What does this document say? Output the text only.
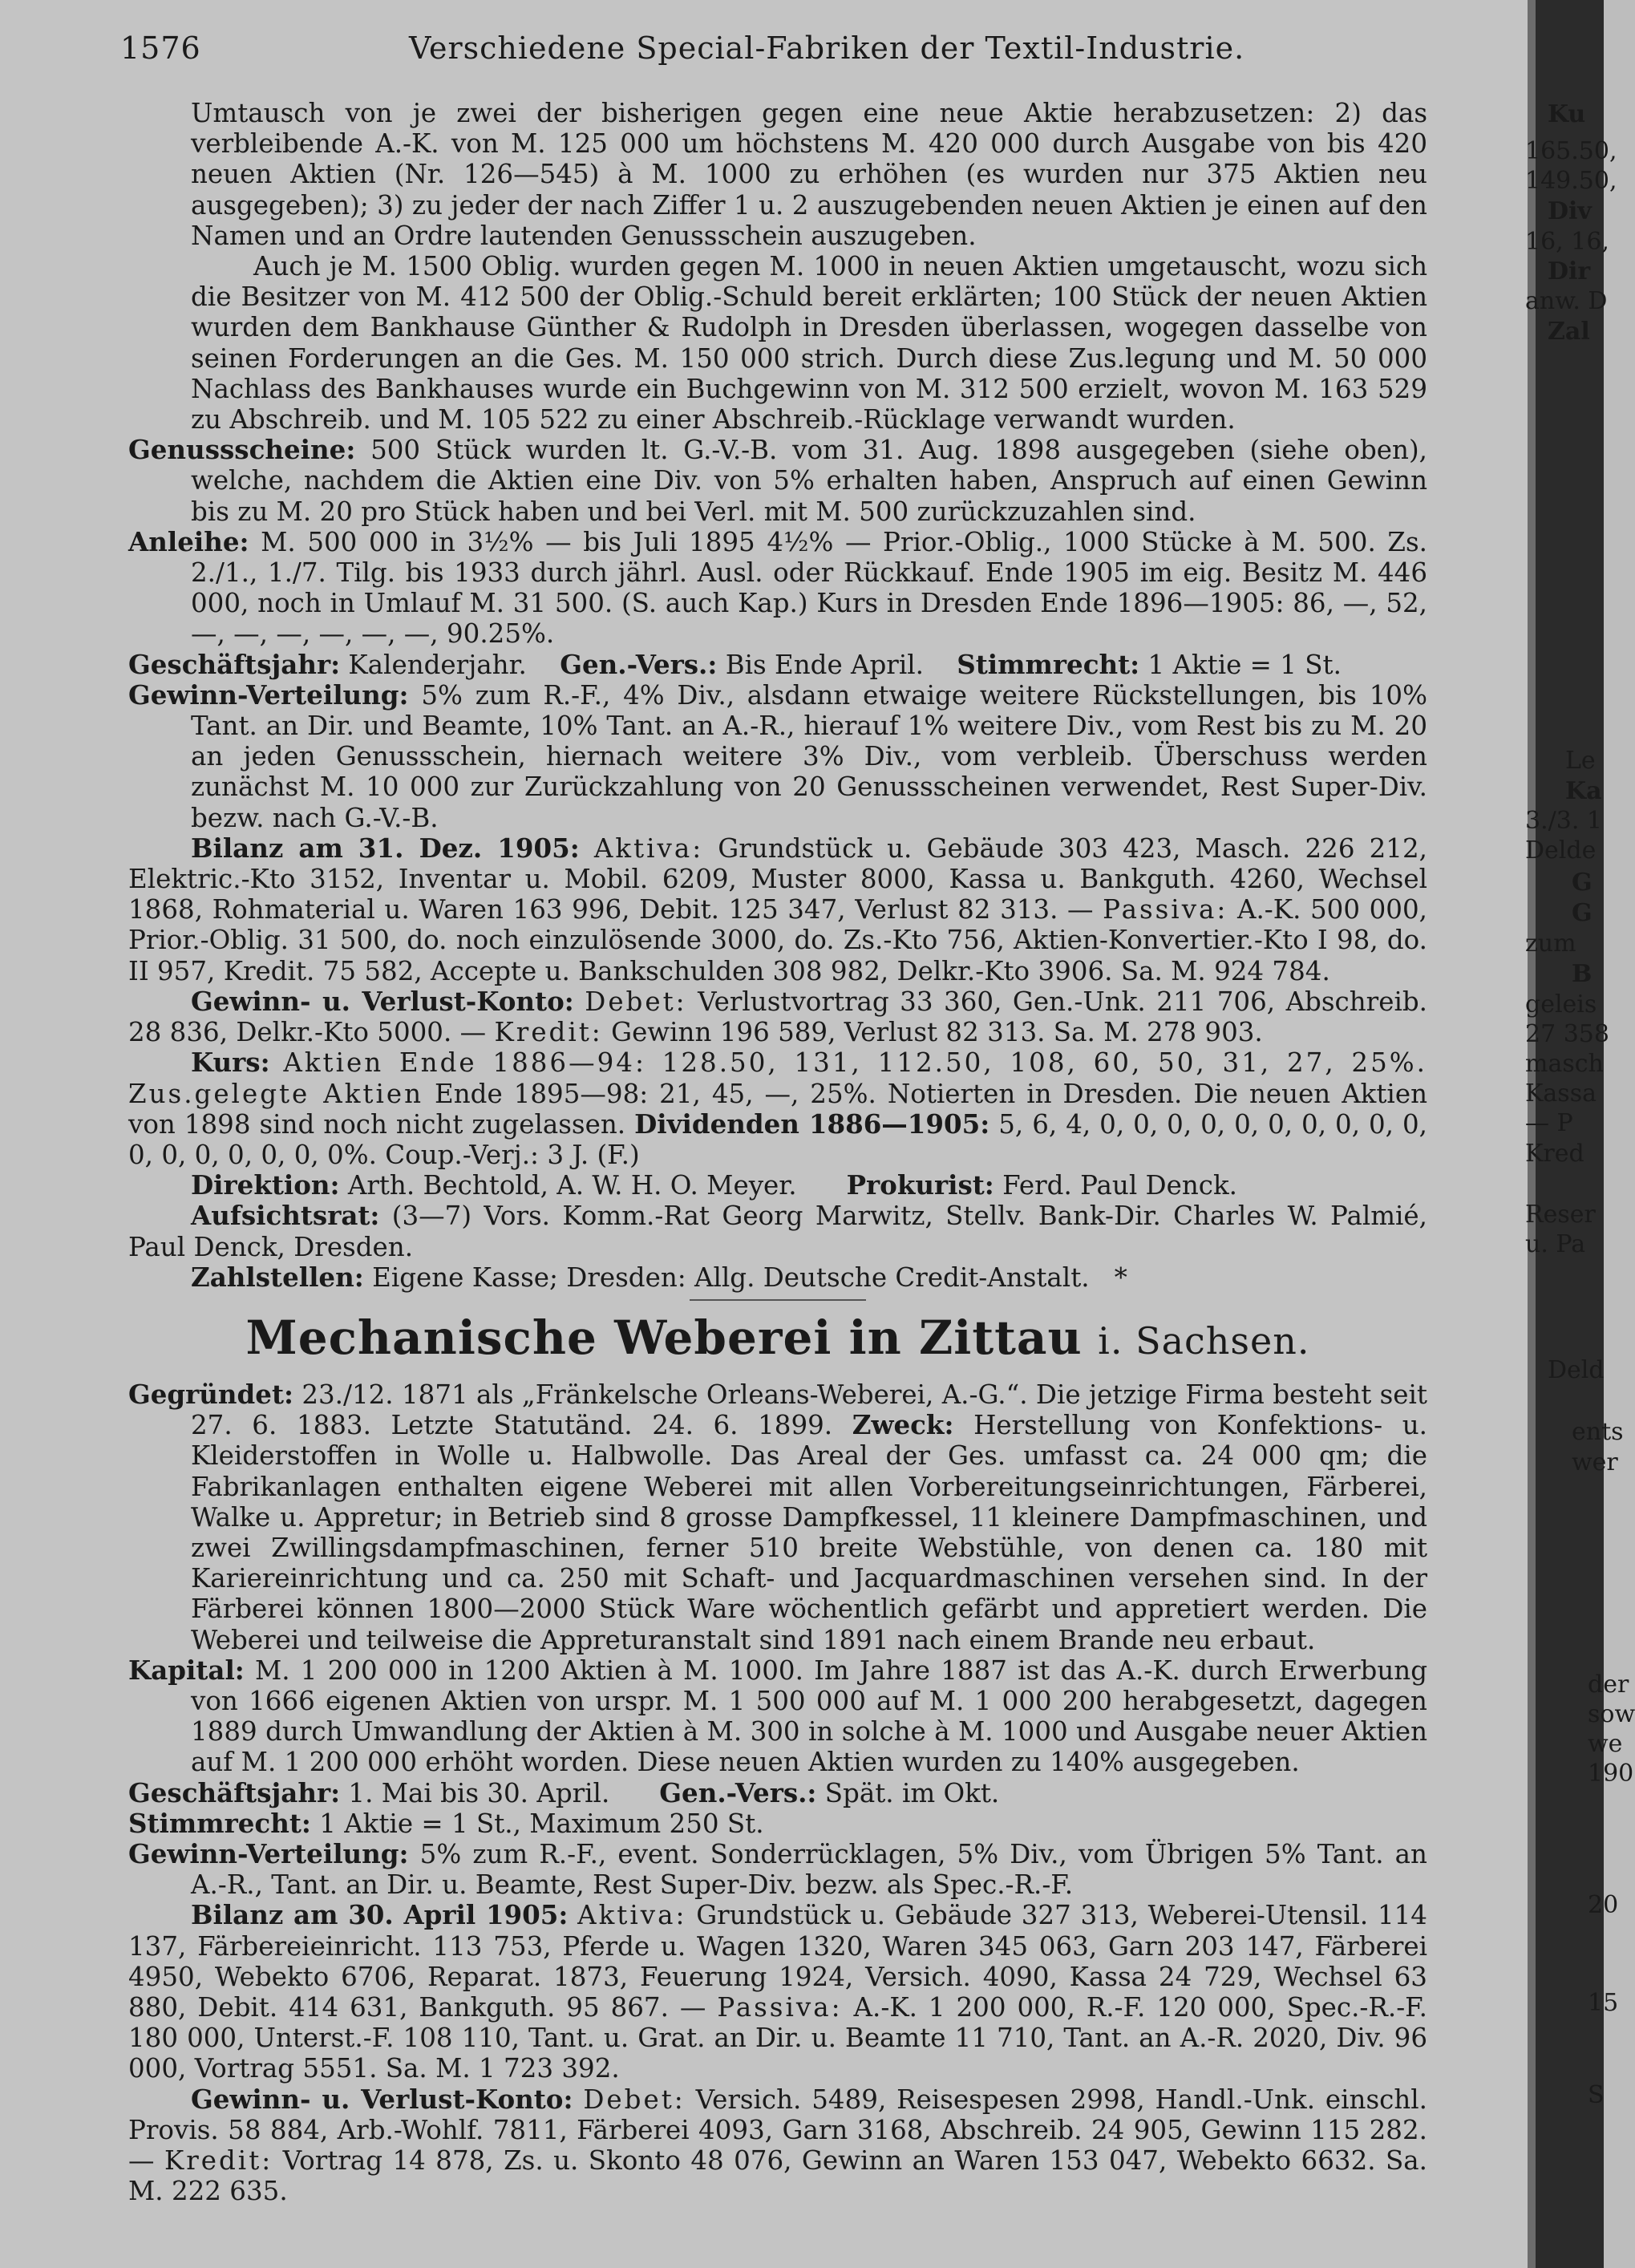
1576	Verschiedene Special-Fabriken der Textil-Industrie.

Umtausch von je zwei der bisherigen gegen eine neue Aktie herabzusetzen: 2) das verbleibende A.-K. von M. 125 000 um höchstens M. 420 000 durch Ausgabe von bis 420 neuen Aktien (Nr. 126—545) à M. 1000 zu erhöhen (es wurden nur 375 Aktien neu ausgegeben); 3) zu jeder der nach Ziffer 1 u. 2 auszugebenden neuen Aktien je einen auf den Namen und an Ordre lautenden Genussschein auszugeben.

Auch je M. 1500 Oblig. wurden gegen M. 1000 in neuen Aktien umgetauscht, wozu sich die Besitzer von M. 412 500 der Oblig.-Schuld bereit erklärten; 100 Stück der neuen Aktien wurden dem Bankhause Günther & Rudolph in Dresden überlassen, wogegen dasselbe von seinen Forderungen an die Ges. M. 150 000 strich. Durch diese Zus.legung und M. 50 000 Nachlass des Bankhauses wurde ein Buchgewinn von M. 312 500 erzielt, wovon M. 163 529 zu Abschreib. und M. 105 522 zu einer Abschreib.-Rücklage verwandt wurden.

Genussscheine: 500 Stück wurden lt. G.-V.-B. vom 31. Aug. 1898 ausgegeben (siehe oben), welche, nachdem die Aktien eine Div. von 5% erhalten haben, Anspruch auf einen Gewinn bis zu M. 20 pro Stück haben und bei Verl. mit M. 500 zurückzuzahlen sind.

Anleihe: M. 500 000 in 3½% — bis Juli 1895 4½% — Prior.-Oblig., 1000 Stücke à M. 500. Zs. 2./1., 1./7. Tilg. bis 1933 durch jährl. Ausl. oder Rückkauf. Ende 1905 im eig. Besitz M. 446 000, noch in Umlauf M. 31 500. (S. auch Kap.) Kurs in Dresden Ende 1896—1905: 86, —, 52, —, —, —, —, —, —, 90.25%.

Geschäftsjahr: Kalenderjahr. Gen.-Vers.: Bis Ende April. Stimmrecht: 1 Aktie = 1 St.

Gewinn-Verteilung: 5% zum R.-F., 4% Div., alsdann etwaige weitere Rückstellungen, bis 10% Tant. an Dir. und Beamte, 10% Tant. an A.-R., hierauf 1% weitere Div., vom Rest bis zu M. 20 an jeden Genussschein, hiernach weitere 3% Div., vom verbleib. Überschuss werden zunächst M. 10 000 zur Zurückzahlung von 20 Genussscheinen verwendet, Rest Super-Div. bezw. nach G.-V.-B.

Bilanz am 31. Dez. 1905: Aktiva: Grundstück u. Gebäude 303 423, Masch. 226 212, Elektric.-Kto 3152, Inventar u. Mobil. 6209, Muster 8000, Kassa u. Bankguth. 4260, Wechsel 1868, Rohmaterial u. Waren 163 996, Debit. 125 347, Verlust 82 313. — Passiva: A.-K. 500 000, Prior.-Oblig. 31 500, do. noch einzulösende 3000, do. Zs.-Kto 756, Aktien-Konvertier.-Kto I 98, do. II 957, Kredit. 75 582, Accepte u. Bankschulden 308 982, Delkr.-Kto 3906. Sa. M. 924 784.

Gewinn- u. Verlust-Konto: Debet: Verlustvortrag 33 360, Gen.-Unk. 211 706, Abschreib. 28 836, Delkr.-Kto 5000. — Kredit: Gewinn 196 589, Verlust 82 313. Sa. M. 278 903.

Kurs: Aktien Ende 1886—94: 128.50, 131, 112.50, 108, 60, 50, 31, 27, 25%. Zus.gelegte Aktien Ende 1895—98: 21, 45, —, 25%. Notierten in Dresden. Die neuen Aktien von 1898 sind noch nicht zugelassen. Dividenden 1886—1905: 5, 6, 4, 0, 0, 0, 0, 0, 0, 0, 0, 0, 0, 0, 0, 0, 0, 0, 0, 0%. Coup.-Verj.: 3 J. (F.)

Direktion: Arth. Bechtold, A. W. H. O. Meyer. Prokurist: Ferd. Paul Denck.

Aufsichtsrat: (3—7) Vors. Komm.-Rat Georg Marwitz, Stellv. Bank-Dir. Charles W. Palmié, Paul Denck, Dresden.

Zahlstellen: Eigene Kasse; Dresden: Allg. Deutsche Credit-Anstalt. *

Mechanische Weberei in Zittau i. Sachsen.

Gegründet: 23./12. 1871 als „Fränkelsche Orleans-Weberei, A.-G.“. Die jetzige Firma besteht seit 27. 6. 1883. Letzte Statutänd. 24. 6. 1899. Zweck: Herstellung von Konfektions- u. Kleiderstoffen in Wolle u. Halbwolle. Das Areal der Ges. umfasst ca. 24 000 qm; die Fabrikanlagen enthalten eigene Weberei mit allen Vorbereitungseinrichtungen, Färberei, Walke u. Appretur; in Betrieb sind 8 grosse Dampfkessel, 11 kleinere Dampfmaschinen, und zwei Zwillingsdampfmaschinen, ferner 510 breite Webstühle, von denen ca. 180 mit Kariereinrichtung und ca. 250 mit Schaft- und Jacquardmaschinen versehen sind. In der Färberei können 1800—2000 Stück Ware wöchentlich gefärbt und appretiert werden. Die Weberei und teilweise die Appreturanstalt sind 1891 nach einem Brande neu erbaut.

Kapital: M. 1 200 000 in 1200 Aktien à M. 1000. Im Jahre 1887 ist das A.-K. durch Erwerbung von 1666 eigenen Aktien von urspr. M. 1 500 000 auf M. 1 000 200 herabgesetzt, dagegen 1889 durch Umwandlung der Aktien à M. 300 in solche à M. 1000 und Ausgabe neuer Aktien auf M. 1 200 000 erhöht worden. Diese neuen Aktien wurden zu 140% ausgegeben.

Geschäftsjahr: 1. Mai bis 30. April. Gen.-Vers.: Spät. im Okt.

Stimmrecht: 1 Aktie = 1 St., Maximum 250 St.

Gewinn-Verteilung: 5% zum R.-F., event. Sonderrücklagen, 5% Div., vom Übrigen 5% Tant. an A.-R., Tant. an Dir. u. Beamte, Rest Super-Div. bezw. als Spec.-R.-F.

Bilanz am 30. April 1905: Aktiva: Grundstück u. Gebäude 327 313, Weberei-Utensil. 114 137, Färbereieinricht. 113 753, Pferde u. Wagen 1320, Waren 345 063, Garn 203 147, Färberei 4950, Webekto 6706, Reparat. 1873, Feuerung 1924, Versich. 4090, Kassa 24 729, Wechsel 63 880, Debit. 414 631, Bankguth. 95 867. — Passiva: A.-K. 1 200 000, R.-F. 120 000, Spec.-R.-F. 180 000, Unterst.-F. 108 110, Tant. u. Grat. an Dir. u. Beamte 11 710, Tant. an A.-R. 2020, Div. 96 000, Vortrag 5551. Sa. M. 1 723 392.

Gewinn- u. Verlust-Konto: Debet: Versich. 5489, Reisespesen 2998, Handl.-Unk. einschl. Provis. 58 884, Arb.-Wohlf. 7811, Färberei 4093, Garn 3168, Abschreib. 24 905, Gewinn 115 282. — Kredit: Vortrag 14 878, Zs. u. Skonto 48 076, Gewinn an Waren 153 047, Webekto 6632. Sa. M. 222 635.

Ku
165.50,
149.50,
Div
16, 16,
Dir
anw. D
Zal
Le
Ka
3./3. 1
Delde
G
G
zum
B
geleis
27 358
masch
Kassa
— P
Kred
Reser
u. Pa
Deld
ents
wer
der
sow
we
190
20
15
S
